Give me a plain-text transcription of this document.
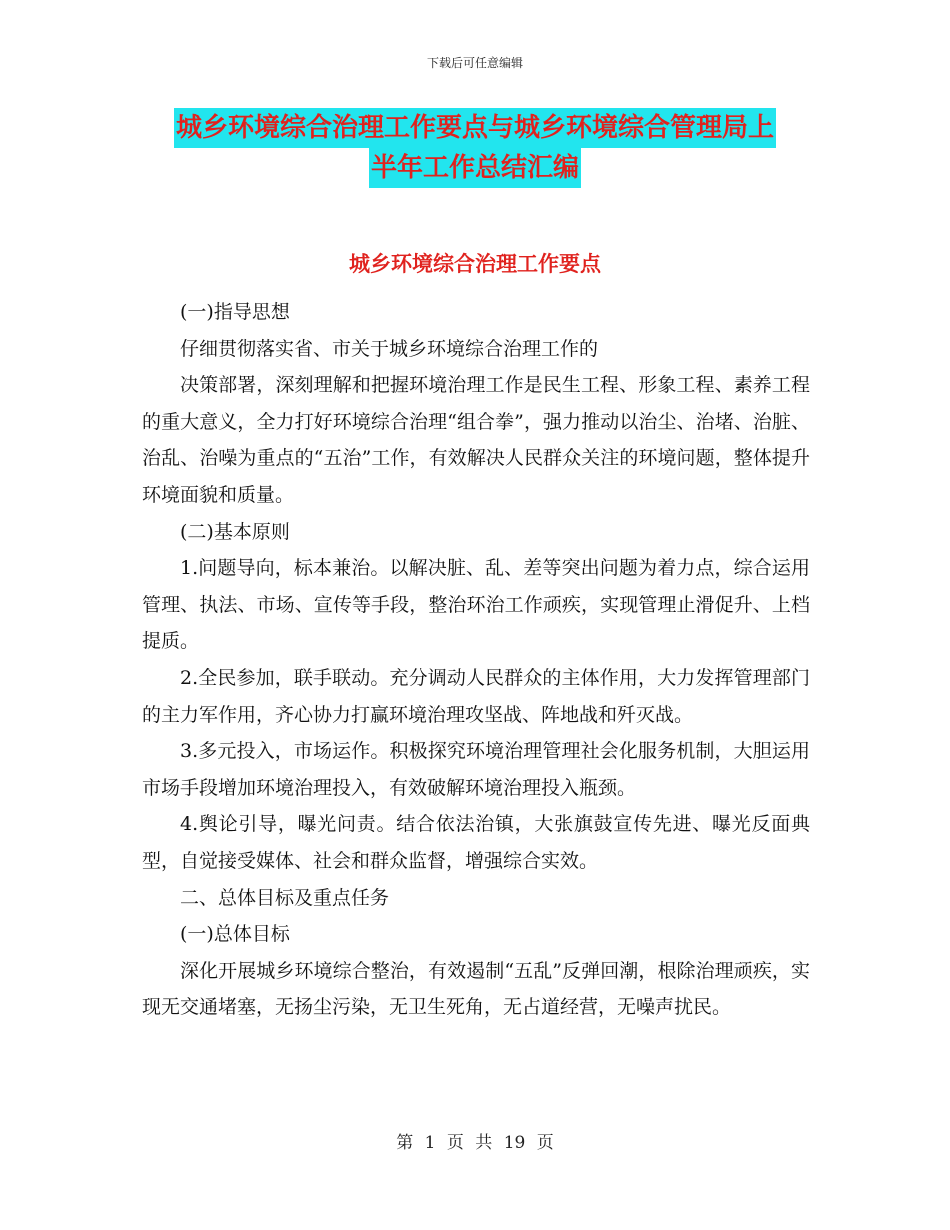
下载后可任意编辑
城乡环境综合治理工作要点与城乡环境综合管理局上
半年工作总结汇编
城乡环境综合治理工作要点

(一)指导思想

仔细贯彻落实省、市关于城乡环境综合治理工作的

决策部署，深刻理解和把握环境治理工作是民生工程、形象工程、素养工程的重大意义，全力打好环境综合治理“组合拳”，强力推动以治尘、治堵、治脏、治乱、治噪为重点的“五治”工作，有效解决人民群众关注的环境问题，整体提升环境面貌和质量。

(二)基本原则

1.问题导向，标本兼治。以解决脏、乱、差等突出问题为着力点，综合运用管理、执法、市场、宣传等手段，整治环治工作顽疾，实现管理止滑促升、上档提质。

2.全民参加，联手联动。充分调动人民群众的主体作用，大力发挥管理部门的主力军作用，齐心协力打赢环境治理攻坚战、阵地战和歼灭战。

3.多元投入，市场运作。积极探究环境治理管理社会化服务机制，大胆运用市场手段增加环境治理投入，有效破解环境治理投入瓶颈。

4.舆论引导，曝光问责。结合依法治镇，大张旗鼓宣传先进、曝光反面典型，自觉接受媒体、社会和群众监督，增强综合实效。

二、总体目标及重点任务

(一)总体目标

深化开展城乡环境综合整治，有效遏制“五乱”反弹回潮，根除治理顽疾，实现无交通堵塞，无扬尘污染，无卫生死角，无占道经营，无噪声扰民。

第 1 页 共 19 页
